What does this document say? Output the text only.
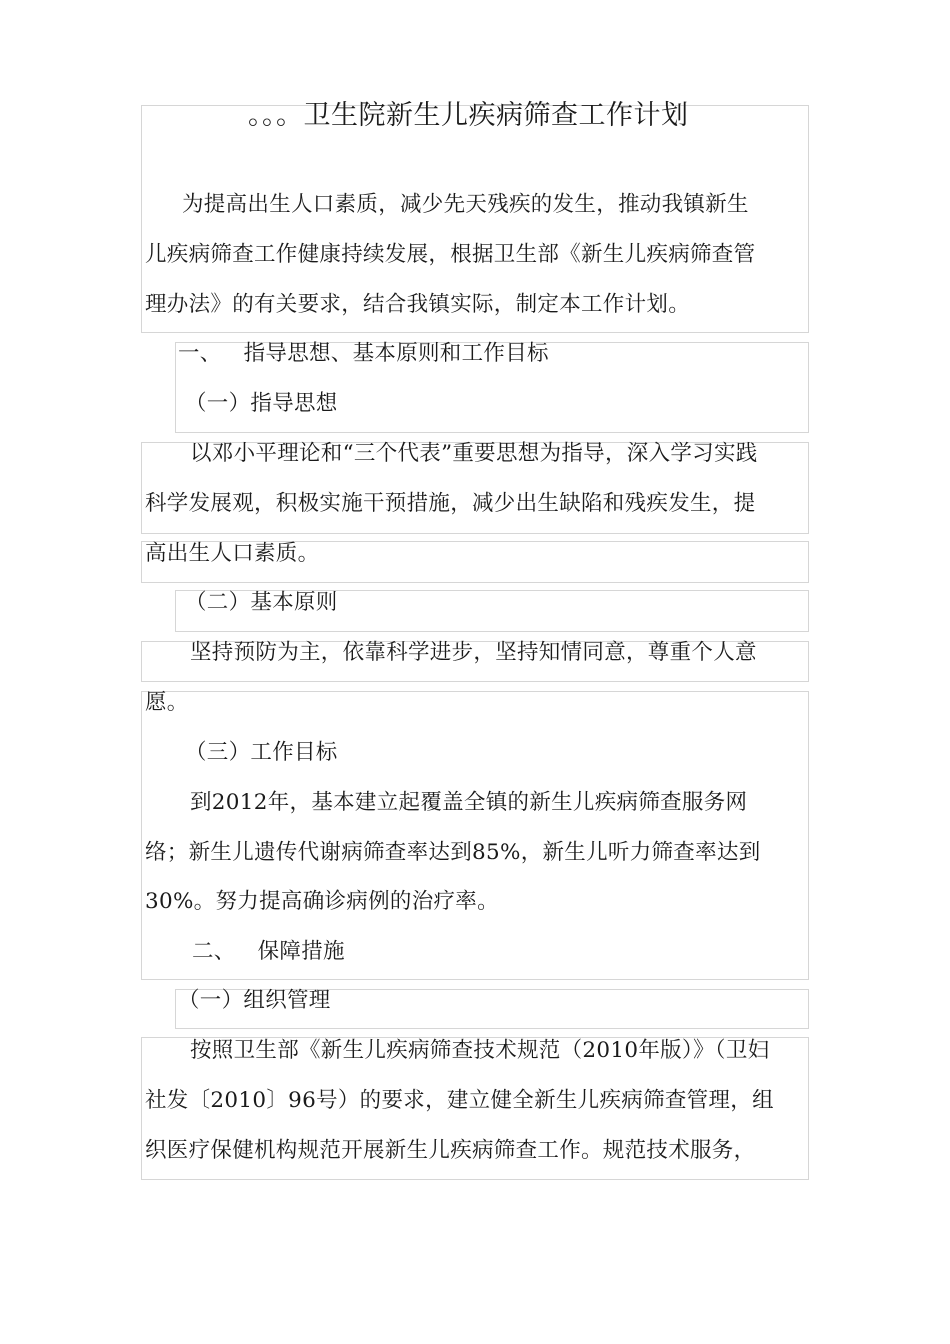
。。。卫生院新生儿疾病筛查工作计划

为提高出生人口素质，减少先天残疾的发生，推动我镇新生

儿疾病筛查工作健康持续发展，根据卫生部《新生儿疾病筛查管

理办法》的有关要求，结合我镇实际，制定本工作计划。

一、 指导思想、基本原则和工作目标

（一）指导思想

以邓小平理论和“三个代表”重要思想为指导，深入学习实践

科学发展观，积极实施干预措施，减少出生缺陷和残疾发生，提

高出生人口素质。

（二）基本原则

坚持预防为主，依靠科学进步，坚持知情同意，尊重个人意

愿。

（三）工作目标

到2012年，基本建立起覆盖全镇的新生儿疾病筛查服务网

络；新生儿遗传代谢病筛查率达到85%，新生儿听力筛查率达到

30%。努力提高确诊病例的治疗率。

二、 保障措施

（一）组织管理

按照卫生部《新生儿疾病筛查技术规范（2010年版）》（卫妇

社发〔2010〕96号）的要求，建立健全新生儿疾病筛查管理，组

织医疗保健机构规范开展新生儿疾病筛查工作。规范技术服务，
